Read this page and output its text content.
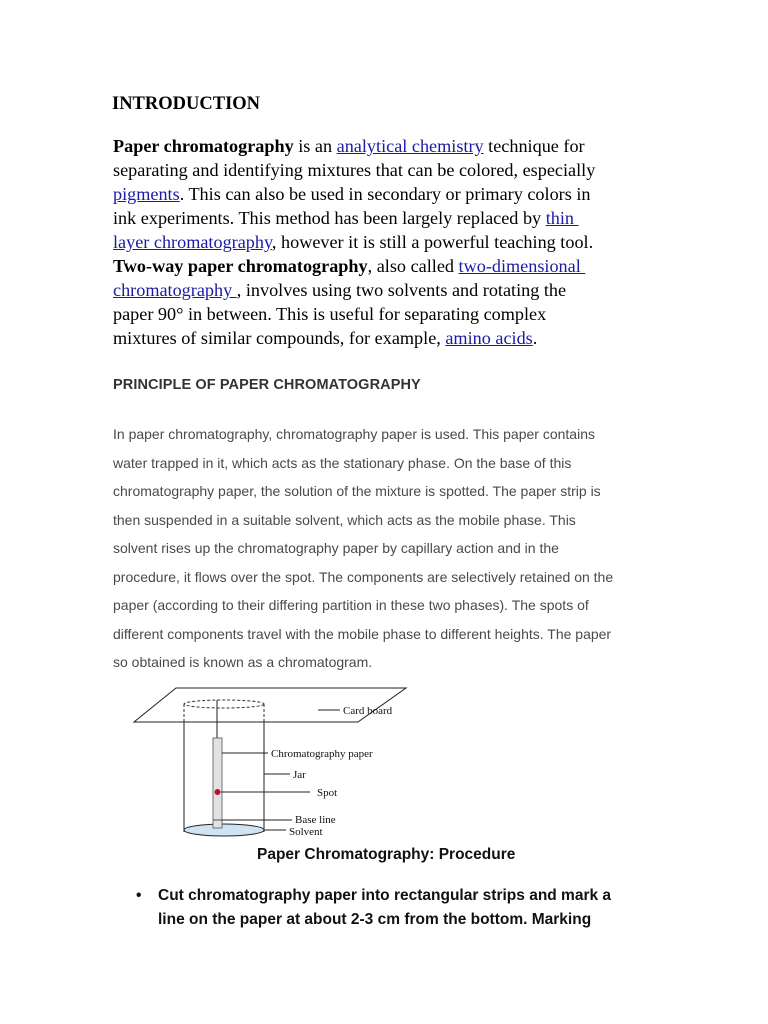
INTRODUCTION
Paper chromatography is an analytical chemistry technique for
separating and identifying mixtures that can be colored, especially
pigments. This can also be used in secondary or primary colors in
ink experiments. This method has been largely replaced by thin
layer chromatography, however it is still a powerful teaching tool.
Two-way paper chromatography, also called two-dimensional
chromatography , involves using two solvents and rotating the
paper 90° in between. This is useful for separating complex
mixtures of similar compounds, for example, amino acids.
PRINCIPLE OF PAPER CHROMATOGRAPHY
In paper chromatography, chromatography paper is used. This paper contains
water trapped in it, which acts as the stationary phase. On the base of this
chromatography paper, the solution of the mixture is spotted. The paper strip is
then suspended in a suitable solvent, which acts as the mobile phase. This
solvent rises up the chromatography paper by capillary action and in the
procedure, it flows over the spot. The components are selectively retained on the
paper (according to their differing partition in these two phases). The spots of
different components travel with the mobile phase to different heights. The paper
so obtained is known as a chromatogram.
Card board
Chromatography paper
Jar
Spot
Base line
Solvent

Paper Chromatography: Procedure

• Cut chromatography paper into rectangular strips and mark a
line on the paper at about 2-3 cm from the bottom. Marking
